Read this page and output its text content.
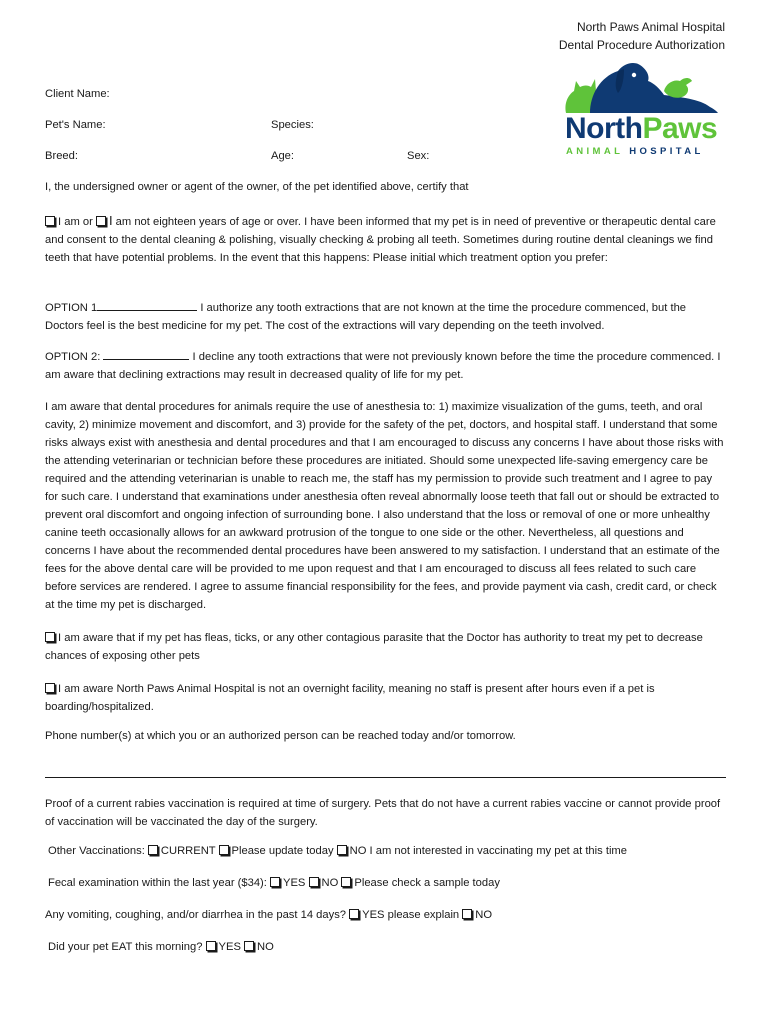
North Paws Animal Hospital
Dental Procedure Authorization
NorthPaws
ANIMAL HOSPITAL
Client Name:
Pet's Name:	Species:
Breed:	Age:	Sex:
I, the undersigned owner or agent of the owner, of the pet identified above, certify that

I am or I am not eighteen years of age or over. I have been informed that my pet is in need of preventive or therapeutic dental care and consent to the dental cleaning & polishing, visually checking & probing all teeth. Sometimes during routine dental cleanings we find teeth that have potential problems. In the event that this happens: Please initial which treatment option you prefer:

OPTION 1	I authorize any tooth extractions that are not known at the time the procedure commenced, but the Doctors feel is the best medicine for my pet. The cost of the extractions will vary depending on the teeth involved.

OPTION 2:	I decline any tooth extractions that were not previously known before the time the procedure commenced. I am aware that declining extractions may result in decreased quality of life for my pet.

I am aware that dental procedures for animals require the use of anesthesia to: 1) maximize visualization of the gums, teeth, and oral cavity, 2) minimize movement and discomfort, and 3) provide for the safety of the pet, doctors, and hospital staff. I understand that some risks always exist with anesthesia and dental procedures and that I am encouraged to discuss any concerns I have about those risks with the attending veterinarian or technician before these procedures are initiated. Should some unexpected life-saving emergency care be required and the attending veterinarian is unable to reach me, the staff has my permission to provide such treatment and I agree to pay for such care. I understand that examinations under anesthesia often reveal abnormally loose teeth that fall out or should be extracted to prevent oral discomfort and ongoing infection of surrounding bone. I also understand that the loss or removal of one or more unhealthy canine teeth occasionally allows for an awkward protrusion of the tongue to one side or the other. Nevertheless, all questions and concerns I have about the recommended dental procedures have been answered to my satisfaction. I understand that an estimate of the fees for the above dental care will be provided to me upon request and that I am encouraged to discuss all fees related to such care before services are rendered. I agree to assume financial responsibility for the fees, and provide payment via cash, credit card, or check at the time my pet is discharged.

I am aware that if my pet has fleas, ticks, or any other contagious parasite that the Doctor has authority to treat my pet to decrease chances of exposing other pets

I am aware North Paws Animal Hospital is not an overnight facility, meaning no staff is present after hours even if a pet is boarding/hospitalized.

Phone number(s) at which you or an authorized person can be reached today and/or tomorrow.

Proof of a current rabies vaccination is required at time of surgery. Pets that do not have a current rabies vaccine or cannot provide proof of vaccination will be vaccinated the day of the surgery.

Other Vaccinations: CURRENT Please update today NO I am not interested in vaccinating my pet at this time
Fecal examination within the last year ($34): YES NO Please check a sample today
Any vomiting, coughing, and/or diarrhea in the past 14 days? YES please explain NO
Did your pet EAT this morning? YES NO
